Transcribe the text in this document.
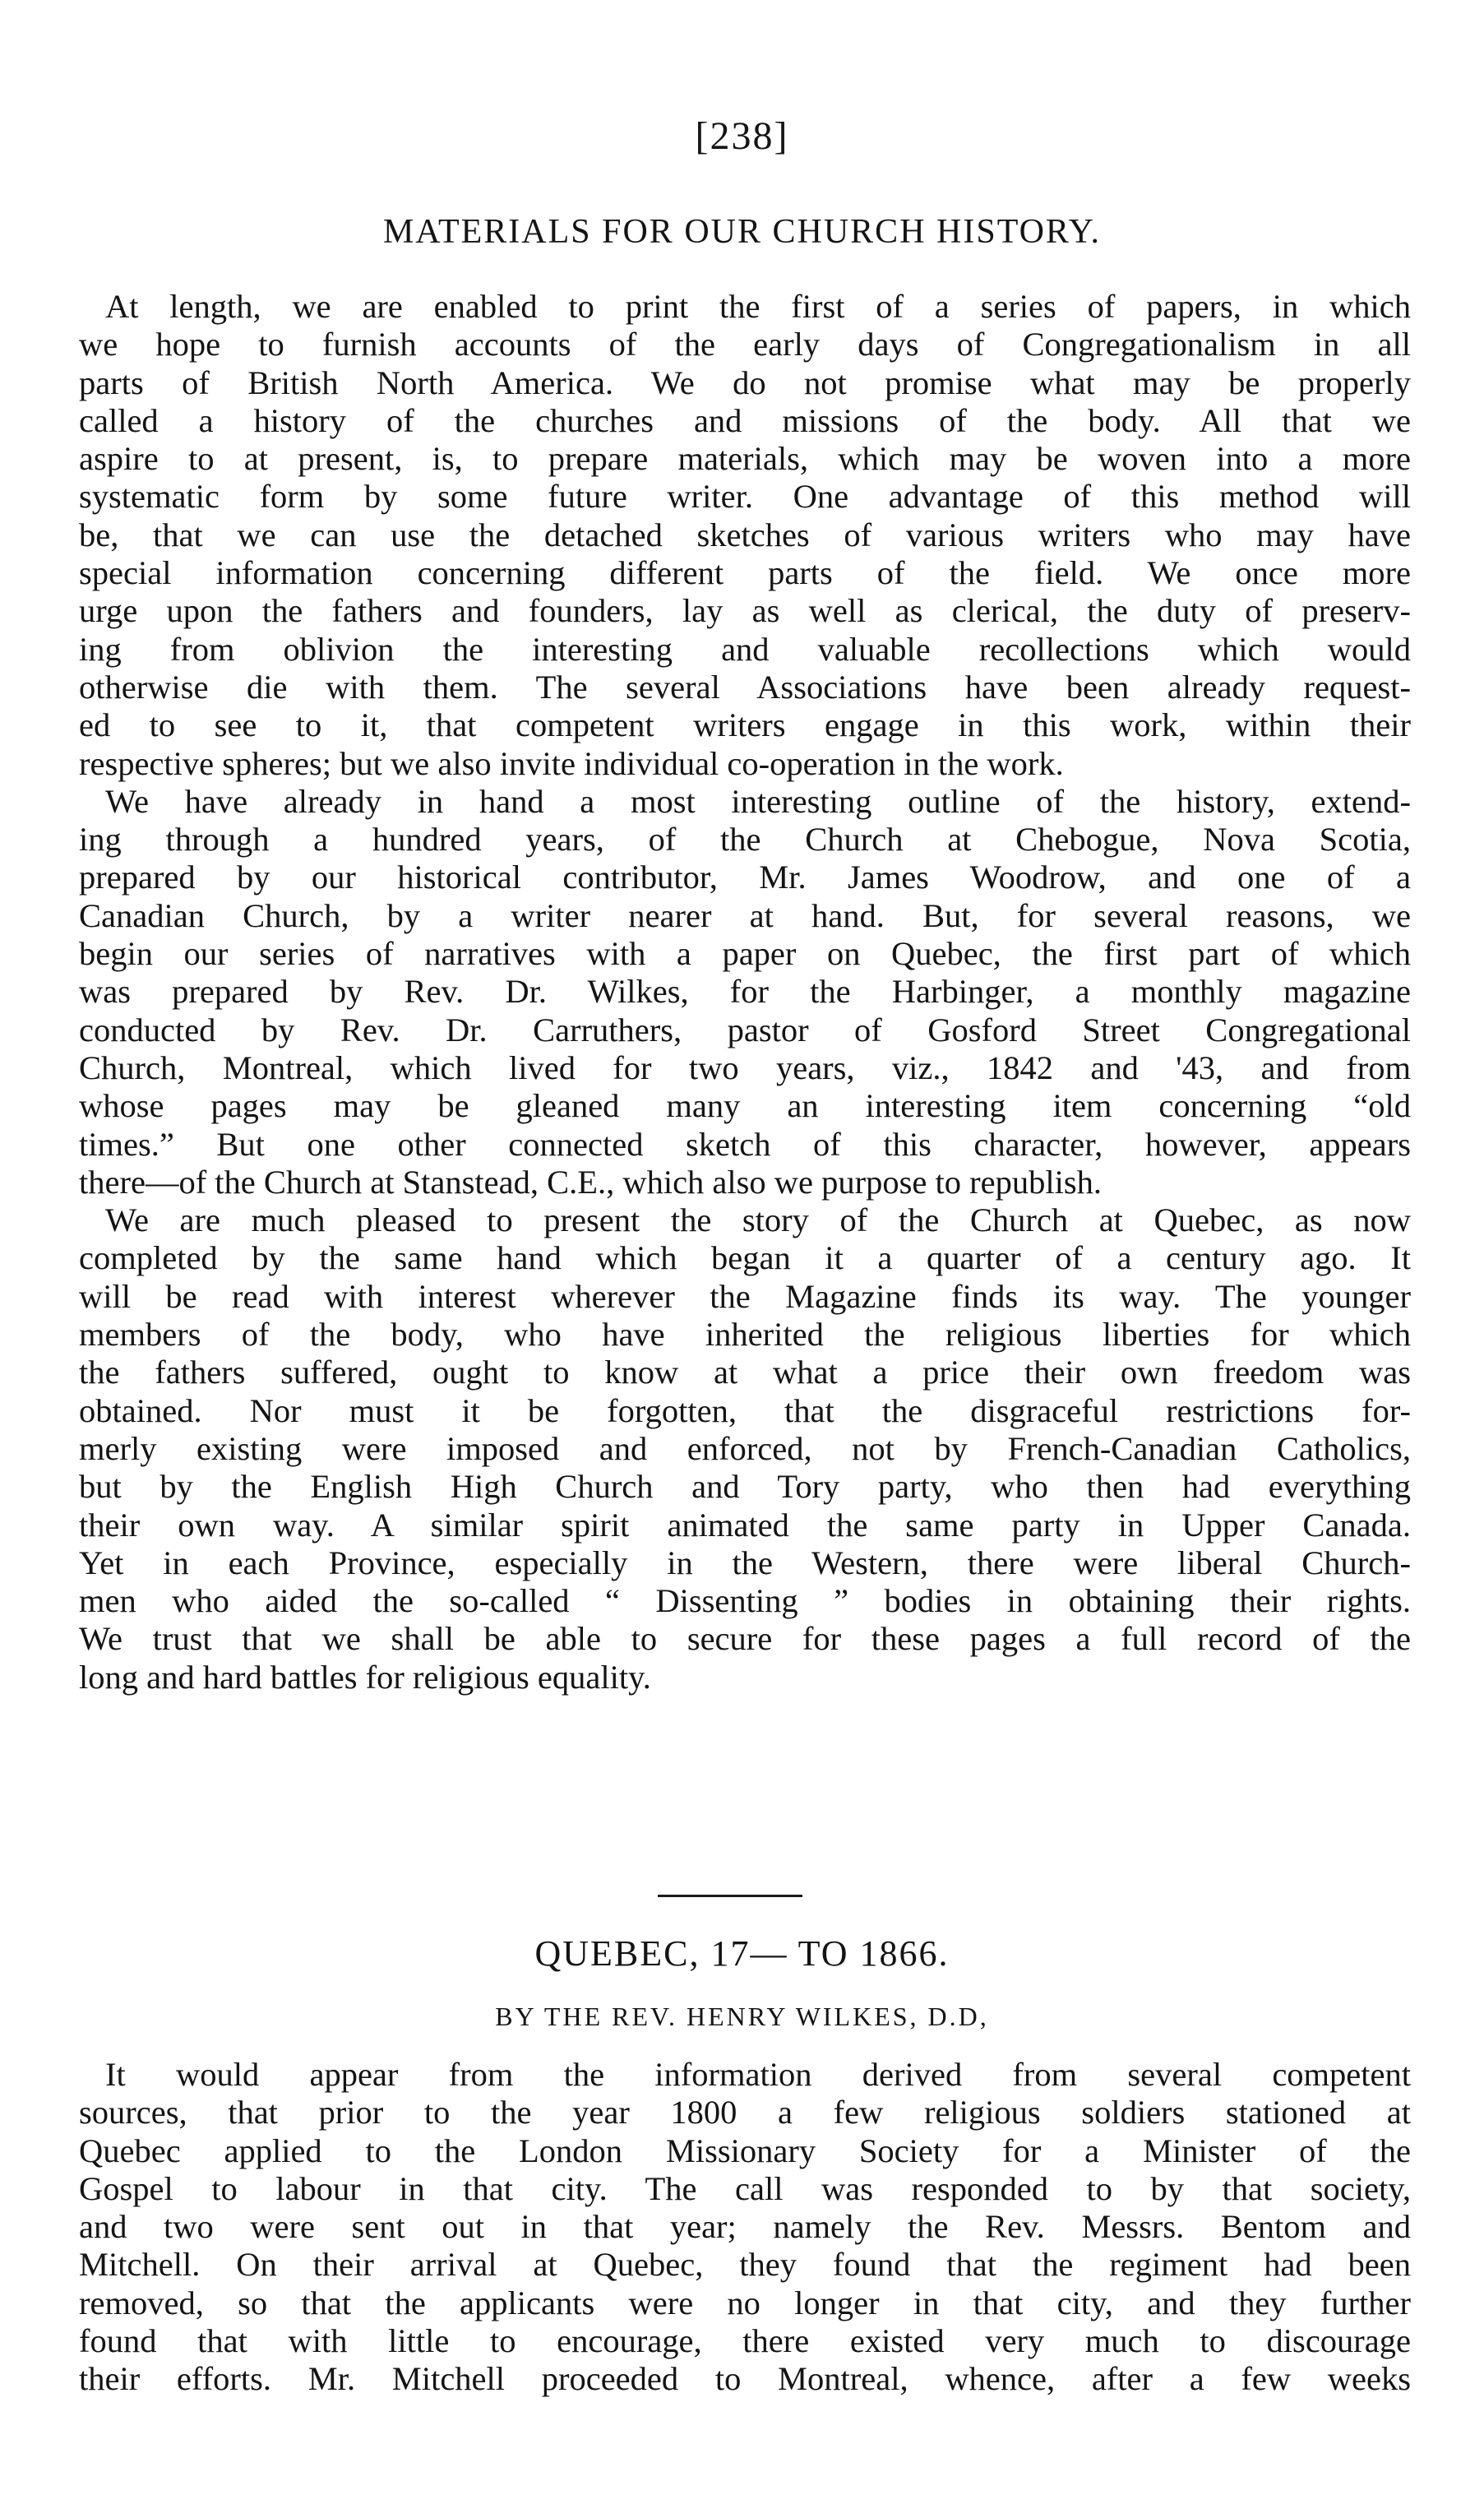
[238]
MATERIALS FOR OUR CHURCH HISTORY.
At length, we are enabled to print the first of a series of papers, in which
we hope to furnish accounts of the early days of Congregationalism in all
parts of British North America. We do not promise what may be properly
called a history of the churches and missions of the body. All that we
aspire to at present, is, to prepare materials, which may be woven into a more
systematic form by some future writer. One advantage of this method will
be, that we can use the detached sketches of various writers who may have
special information concerning different parts of the field. We once more
urge upon the fathers and founders, lay as well as clerical, the duty of preserv-
ing from oblivion the interesting and valuable recollections which would
otherwise die with them. The several Associations have been already request-
ed to see to it, that competent writers engage in this work, within their
respective spheres; but we also invite individual co-operation in the work.
We have already in hand a most interesting outline of the history, extend-
ing through a hundred years, of the Church at Chebogue, Nova Scotia,
prepared by our historical contributor, Mr. James Woodrow, and one of a
Canadian Church, by a writer nearer at hand. But, for several reasons, we
begin our series of narratives with a paper on Quebec, the first part of which
was prepared by Rev. Dr. Wilkes, for the Harbinger, a monthly magazine
conducted by Rev. Dr. Carruthers, pastor of Gosford Street Congregational
Church, Montreal, which lived for two years, viz., 1842 and '43, and from
whose pages may be gleaned many an interesting item concerning “old
times.” But one other connected sketch of this character, however, appears
there—of the Church at Stanstead, C.E., which also we purpose to republish.
We are much pleased to present the story of the Church at Quebec, as now
completed by the same hand which began it a quarter of a century ago. It
will be read with interest wherever the Magazine finds its way. The younger
members of the body, who have inherited the religious liberties for which
the fathers suffered, ought to know at what a price their own freedom was
obtained. Nor must it be forgotten, that the disgraceful restrictions for-
merly existing were imposed and enforced, not by French-Canadian Catholics,
but by the English High Church and Tory party, who then had everything
their own way. A similar spirit animated the same party in Upper Canada.
Yet in each Province, especially in the Western, there were liberal Church-
men who aided the so-called “ Dissenting ” bodies in obtaining their rights.
We trust that we shall be able to secure for these pages a full record of the
long and hard battles for religious equality.
QUEBEC, 17— TO 1866.
BY THE REV. HENRY WILKES, D.D,
It would appear from the information derived from several competent
sources, that prior to the year 1800 a few religious soldiers stationed at
Quebec applied to the London Missionary Society for a Minister of the
Gospel to labour in that city. The call was responded to by that society,
and two were sent out in that year; namely the Rev. Messrs. Bentom and
Mitchell. On their arrival at Quebec, they found that the regiment had been
removed, so that the applicants were no longer in that city, and they further
found that with little to encourage, there existed very much to discourage
their efforts. Mr. Mitchell proceeded to Montreal, whence, after a few weeks
